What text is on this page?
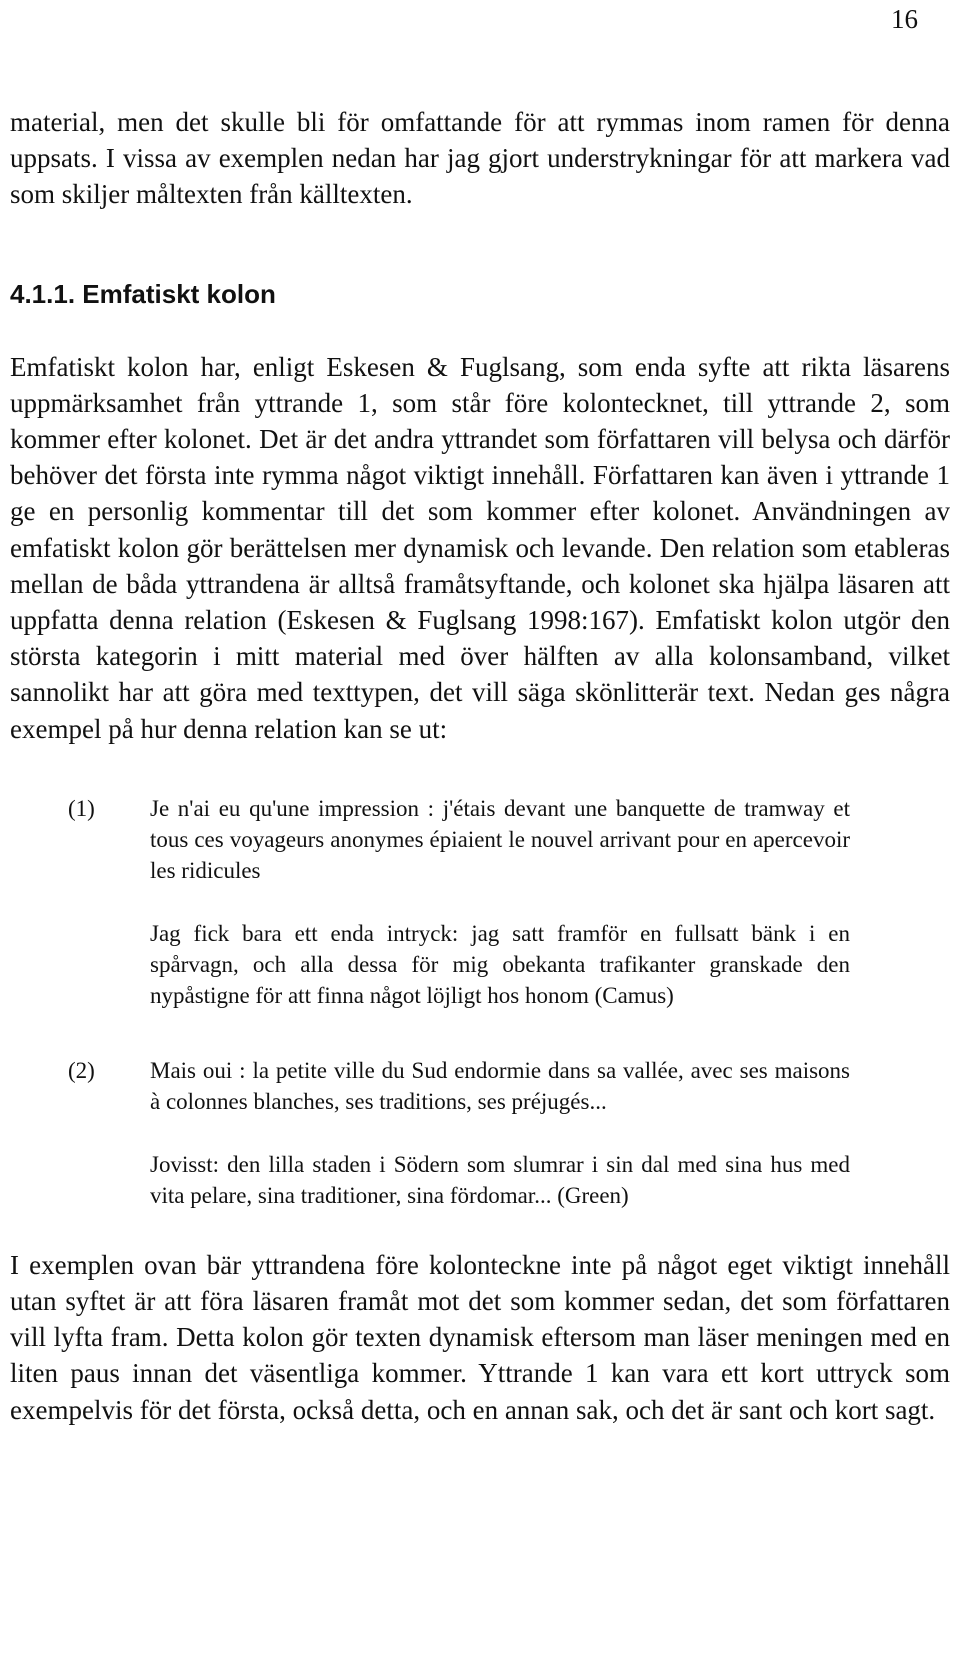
16

material, men det skulle bli för omfattande för att rymmas inom ramen för denna uppsats. I vissa av exemplen nedan har jag gjort understrykningar för att markera vad som skiljer måltexten från källtexten.

4.1.1. Emfatiskt kolon

Emfatiskt kolon har, enligt Eskesen & Fuglsang, som enda syfte att rikta läsarens uppmärksamhet från yttrande 1, som står före kolontecknet, till yttrande 2, som kommer efter kolonet. Det är det andra yttrandet som författaren vill belysa och därför behöver det första inte rymma något viktigt innehåll. Författaren kan även i yttrande 1 ge en personlig kommentar till det som kommer efter kolonet. Användningen av emfatiskt kolon gör berättelsen mer dynamisk och levande. Den relation som etableras mellan de båda yttrandena är alltså framåtsyftande, och kolonet ska hjälpa läsaren att uppfatta denna relation (Eskesen & Fuglsang 1998:167). Emfatiskt kolon utgör den största kategorin i mitt material med över hälften av alla kolonsamband, vilket sannolikt har att göra med texttypen, det vill säga skönlitterär text. Nedan ges några exempel på hur denna relation kan se ut:

(1)	Je n'ai eu qu'une impression : j'étais devant une banquette de tramway et tous ces voyageurs anonymes épiaient le nouvel arrivant pour en apercevoir les ridicules

Jag fick bara ett enda intryck: jag satt framför en fullsatt bänk i en spårvagn, och alla dessa för mig obekanta trafikanter granskade den nypåstigne för att finna något löjligt hos honom (Camus)

(2)	Mais oui : la petite ville du Sud endormie dans sa vallée, avec ses maisons à colonnes blanches, ses traditions, ses préjugés...

Jovisst: den lilla staden i Södern som slumrar i sin dal med sina hus med vita pelare, sina traditioner, sina fördomar... (Green)

I exemplen ovan bär yttrandena före kolonteckne inte på något eget viktigt innehåll utan syftet är att föra läsaren framåt mot det som kommer sedan, det som författaren vill lyfta fram. Detta kolon gör texten dynamisk eftersom man läser meningen med en liten paus innan det väsentliga kommer. Yttrande 1 kan vara ett kort uttryck som exempelvis för det första, också detta, och en annan sak, och det är sant och kort sagt.
